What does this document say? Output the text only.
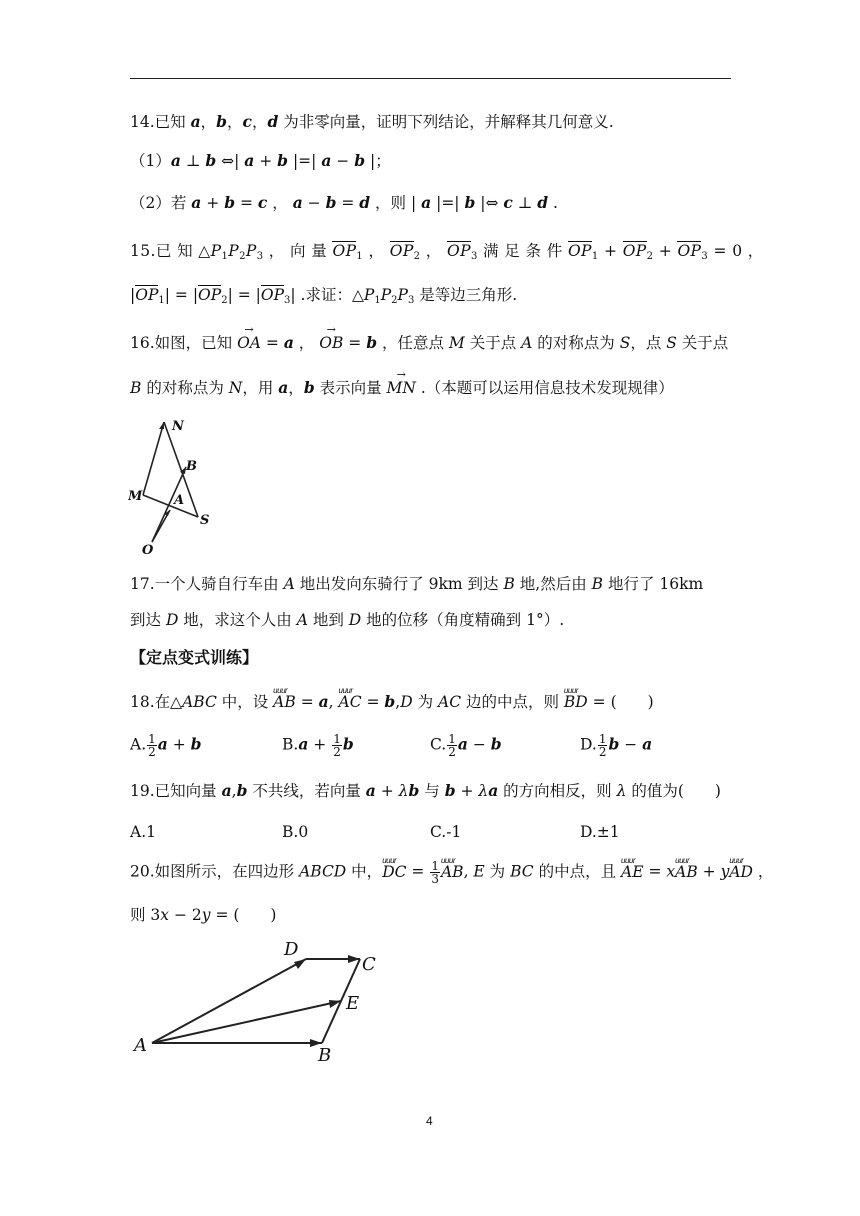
14.已知 a，b，c，d 为非零向量，证明下列结论，并解释其几何意义.
（1）a ⊥ b ⇔| a + b |=| a − b |；
（2）若 a + b = c ， a − b = d ，则 | a |=| b |⇔ c ⊥ d .
15.已 知 $\triangle P_1P_2P_3$ ， 向 量 $OP_1$ ， $OP_2$ ， $OP_3$ 满 足 条 件 $OP_1 + OP_2 + OP_3 = 0$ ，
$|OP_1| = |OP_2| = |OP_3|$ .求证：$\triangle P_1P_2P_3$ 是等边三角形.
16.如图，已知 → OA = a ， → OB = b ，任意点 M 关于点 A 的对称点为 S，点 S 关于点
B 的对称点为 N，用 a，b 表示向量 → MN .（本题可以运用信息技术发现规律）
N
B
M A
S
O
17.一个人骑自行车由 A 地出发向东骑行了 9km 到达 B 地,然后由 B 地行了 16km
到达 D 地，求这个人由 A 地到 D 地的位移（角度精确到 1°）.
【定点变式训练】
18.在△ABC 中，设 uuur AB = a, uuur AC = b,D 为 AC 边的中点，则 uuur BD = (　　)
A. $\frac{1}{2}$ a + b	$B.a + \frac{1}{2}$ b	C. $\frac{1}{2}$ a − b	D. $\frac{1}{2}$ b − a
19.已知向量 a,b 不共线，若向量 a + λb 与 b + λa 的方向相反，则 λ 的值为(　　)
A.1	B.0	C.-1	D.±1
20.如图所示，在四边形 ABCD 中，uuur DC = $\frac{1}{3}$
uuur AB, E 为 BC 的中点，且 uuur AE = xuuur AB + yuuur AD ，
则 3x − 2y = (　　)
D
C
E
A	B
4
